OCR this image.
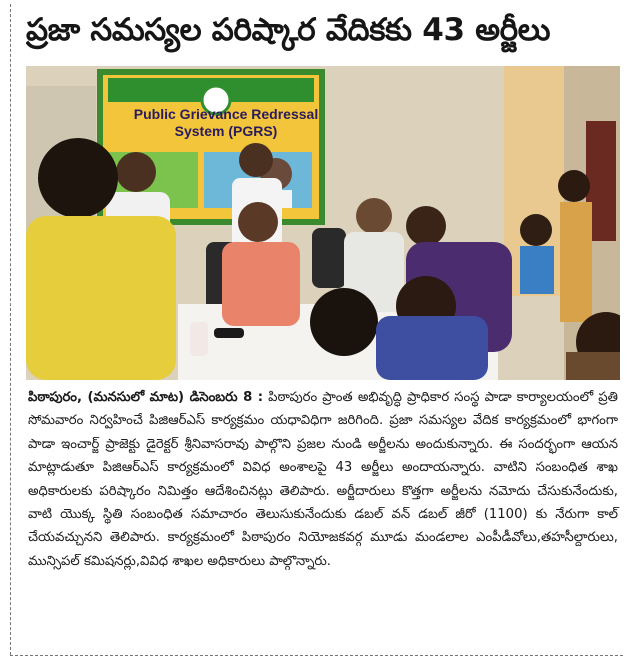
ప్రజా సమస్యల పరిష్కార వేదికకు 43 అర్జీలు
Public Grievance Redressal System (PGRS)
పిఠాపురం, (మనసులో మాట) డిసెంబరు 8 : పిఠాపురం ప్రాంత అభివృద్ధి ప్రాధికార సంస్థ పాడా కార్యాలయంలో ప్రతి సోమవారం నిర్వహించే పిజిఆర్ఎస్ కార్యక్రమం యధావిధిగా జరిగింది. ప్రజా సమస్యల వేదిక కార్యక్రమంలో భాగంగా పాడా ఇంచార్జ్ ప్రాజెక్టు డైరెక్టర్ శ్రీనివాసరావు పాల్గొని ప్రజల నుండి అర్జీలను అందుకున్నారు. ఈ సందర్భంగా ఆయన మాట్లాడుతూ పిజిఆర్ఎస్ కార్యక్రమంలో వివిధ అంశాలపై 43 అర్జీలు అందాయన్నారు. వాటిని సంబంధిత శాఖ అధికారులకు పరిష్కారం నిమిత్తం ఆదేశించినట్లు తెలిపారు. అర్జీదారులు కొత్తగా అర్జీలను నమోదు చేసుకునేందుకు, వాటి యొక్క స్థితి సంబంధిత సమాచారం తెలుసుకునేందుకు డబల్ వన్ డబల్ జీరో (1100) కు నేరుగా కాల్ చేయవచ్చునని తెలిపారు. కార్యక్రమంలో పిఠాపురం నియోజకవర్గ మూడు మండలాల ఎంపీడీవోలు,తహసీల్దారులు, మున్సిపల్ కమిషనర్లు,వివిధ శాఖల అధికారులు పాల్గొన్నారు.
